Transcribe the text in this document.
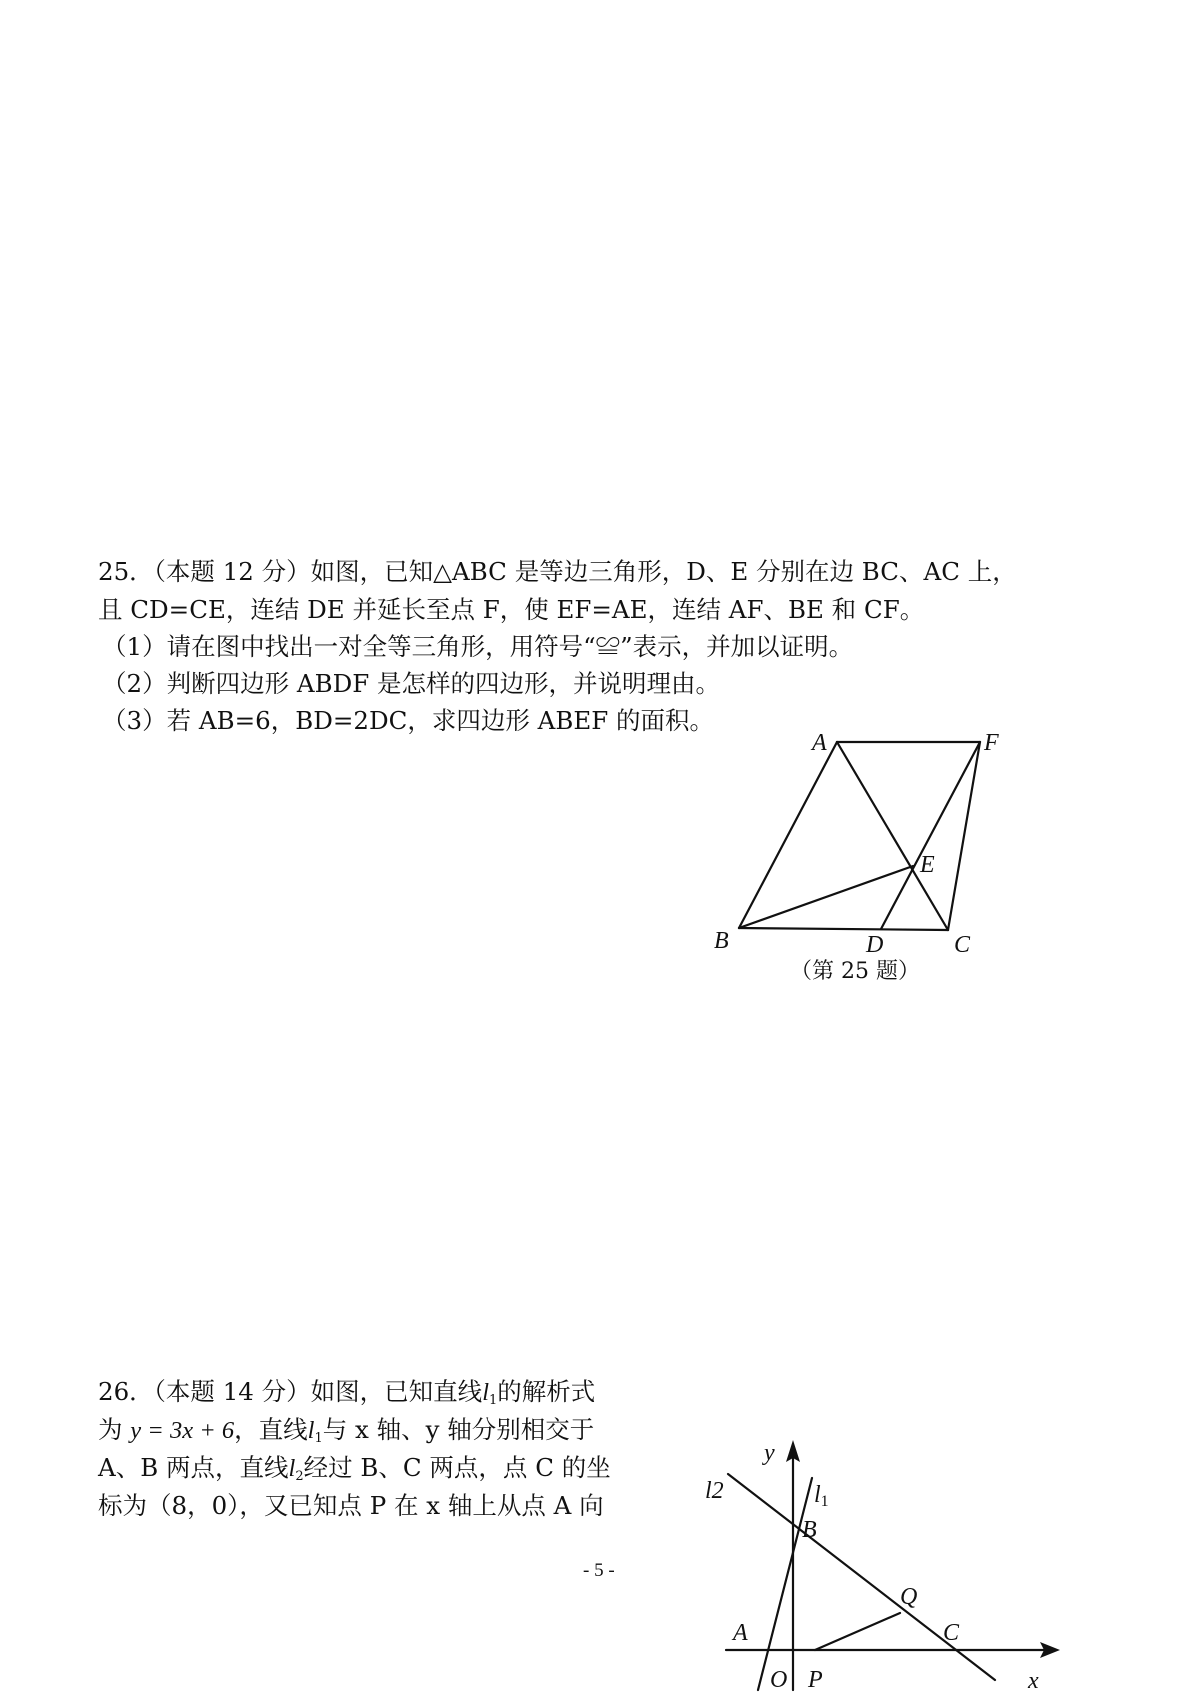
25．（本题 12 分）如图，已知△ABC 是等边三角形，D、E 分别在边 BC、AC 上，
且 CD=CE，连结 DE 并延长至点 F，使 EF=AE，连结 AF、BE 和 CF。
（1）请在图中找出一对全等三角形，用符号“≌”表示，并加以证明。
（2）判断四边形 ABDF 是怎样的四边形，并说明理由。
（3）若 AB=6，BD=2DC，求四边形 ABEF 的面积。
26．（本题 14 分）如图，已知直线$l_1$的解析式
为 y = 3x + 6，直线$l_1$与 x 轴、y 轴分别相交于
A、B 两点，直线$l_2$经过 B、C 两点，点 C 的坐
标为（8，0），又已知点 P 在 x 轴上从点 A 向
- 5 -
A	F
E
B	D	C
（第 25 题）
y
x
l2	l1
B
Q
A	C
O P
